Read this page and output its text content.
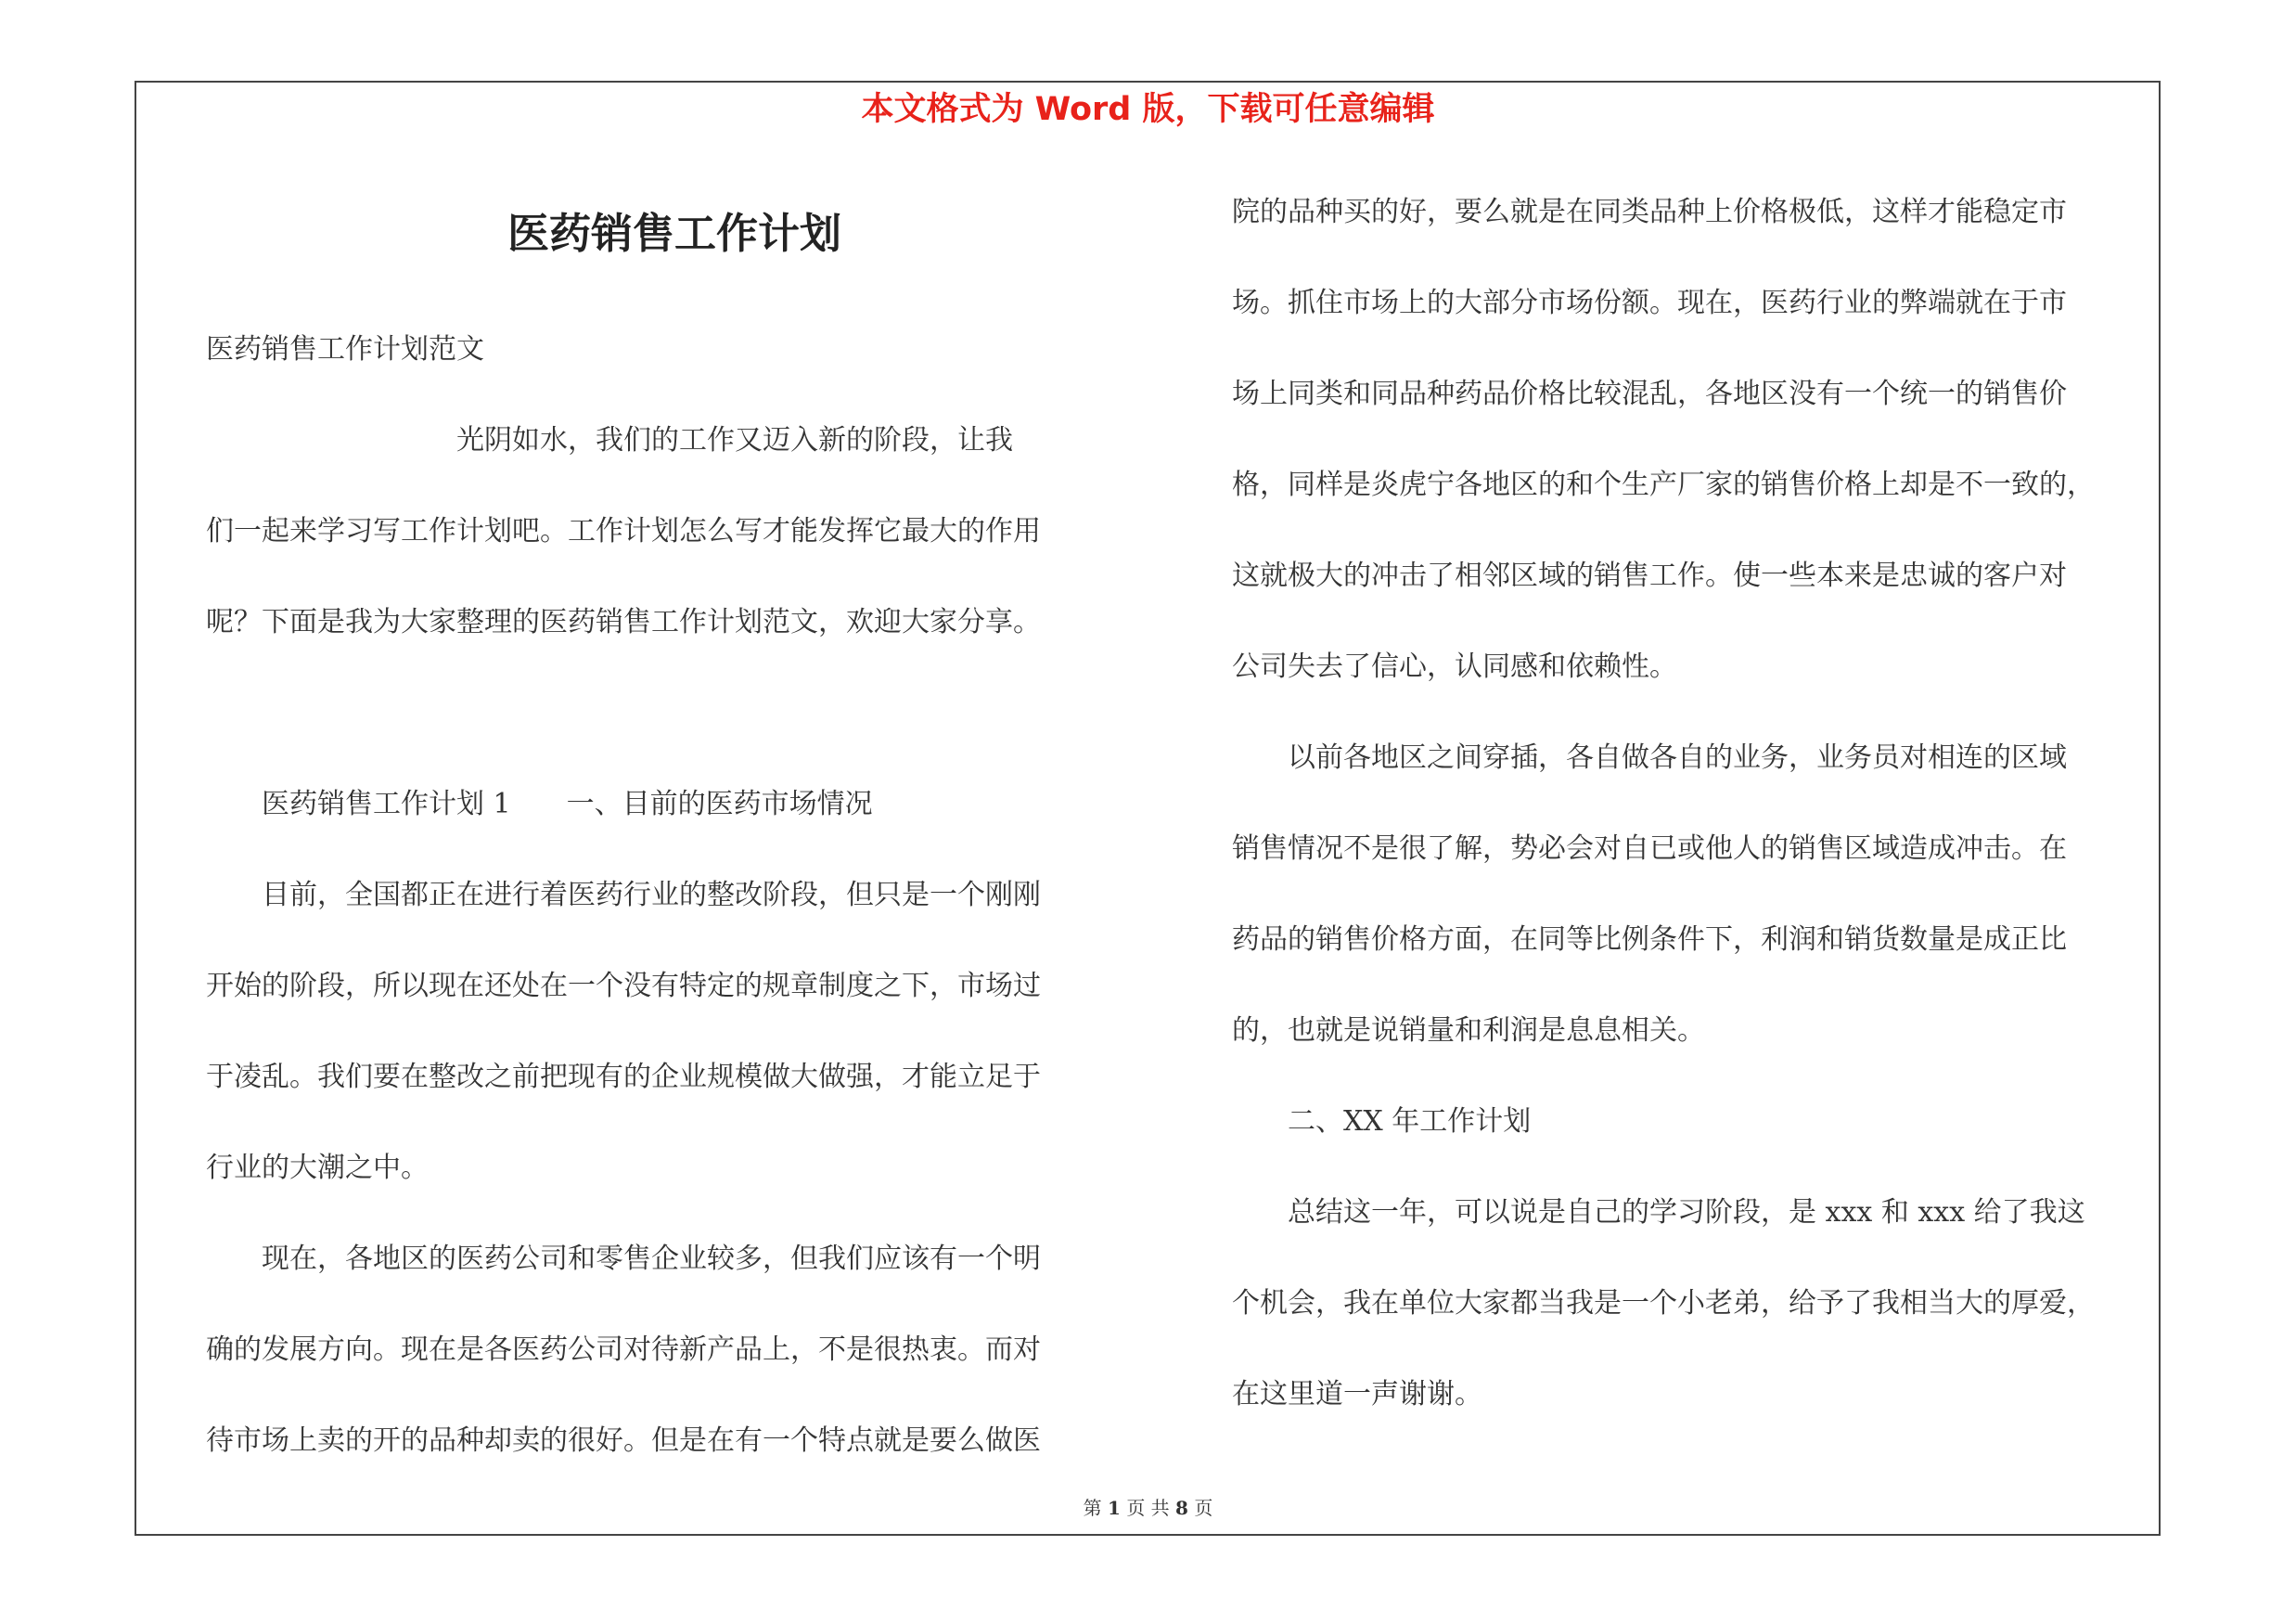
本文格式为 Word 版，下载可任意编辑
医药销售工作计划

医药销售工作计划范文

　　　　　　　　　光阴如水，我们的工作又迈入新的阶段，让我

们一起来学习写工作计划吧。工作计划怎么写才能发挥它最大的作用

呢？下面是我为大家整理的医药销售工作计划范文，欢迎大家分享。

　　医药销售工作计划 1　　一、目前的医药市场情况

　　目前，全国都正在进行着医药行业的整改阶段，但只是一个刚刚

开始的阶段，所以现在还处在一个没有特定的规章制度之下，市场过

于凌乱。我们要在整改之前把现有的企业规模做大做强，才能立足于

行业的大潮之中。

　　现在，各地区的医药公司和零售企业较多，但我们应该有一个明

确的发展方向。现在是各医药公司对待新产品上，不是很热衷。而对

待市场上卖的开的品种却卖的很好。但是在有一个特点就是要么做医

院的品种买的好，要么就是在同类品种上价格极低，这样才能稳定市

场。抓住市场上的大部分市场份额。现在，医药行业的弊端就在于市

场上同类和同品种药品价格比较混乱，各地区没有一个统一的销售价

格，同样是炎虎宁各地区的和个生产厂家的销售价格上却是不一致的，

这就极大的冲击了相邻区域的销售工作。使一些本来是忠诚的客户对

公司失去了信心，认同感和依赖性。

　　以前各地区之间穿插，各自做各自的业务，业务员对相连的区域

销售情况不是很了解，势必会对自已或他人的销售区域造成冲击。在

药品的销售价格方面，在同等比例条件下，利润和销货数量是成正比

的，也就是说销量和利润是息息相关。

　　二、XX 年工作计划

　　总结这一年，可以说是自己的学习阶段，是 xxx 和 xxx 给了我这

个机会，我在单位大家都当我是一个小老弟，给予了我相当大的厚爱，

在这里道一声谢谢。

第 1 页 共 8 页
